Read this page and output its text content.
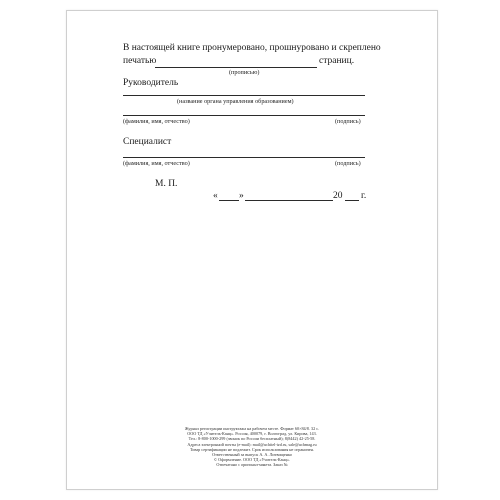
В настоящей книге пронумеровано, прошнуровано и скреплено
печатью	страниц.
(прописью)
Руководитель
(название органа управления образованием)
(фамилия, имя, отчество)	(подпись)
Специалист
(фамилия, имя, отчество)	(подпись)
М. П.
« »	20 г.
Журнал регистрации инструктажа на рабочем месте. Формат 60×84/8. 32 с.
ООО ТД «Учитель-Канц». Россия, 400079, г. Волгоград, ул. Кирова, 143.
Тел.: 8-800-1000-299 (звонок по России бесплатный); 8(8442) 42-25-58.
Адреса электронной почты (e-mail): mail@uchitel-izd.ru, sale@uchmag.ru
Товар сертификации не подлежит. Срок использования не ограничен.
Ответственный за выпуск А. А. Литвищенко
© Оформление. ООО ТД «Учитель-Канц».
Отпечатано с оригинал-макета. Заказ №
